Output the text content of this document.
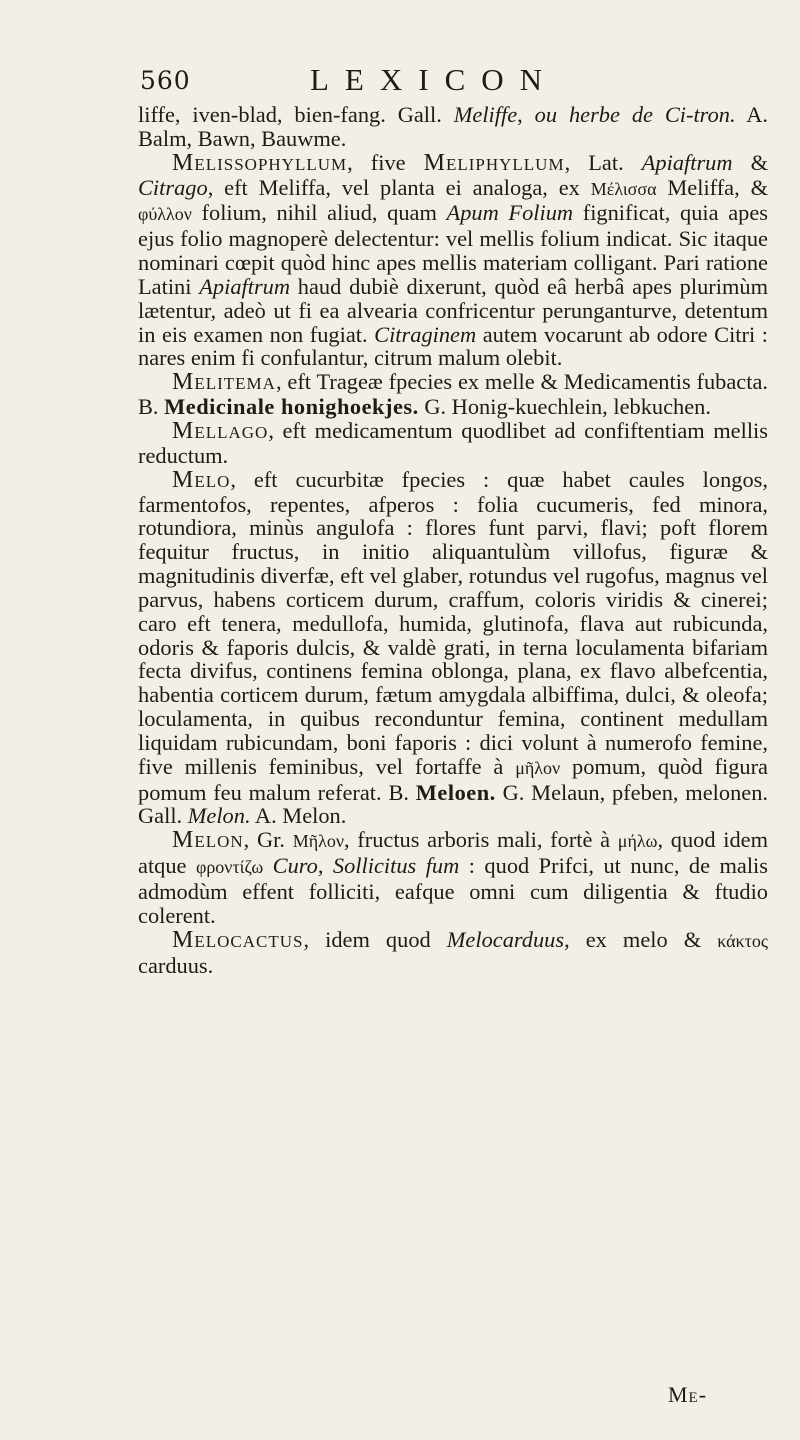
560	LEXICON

liffe, iven-blad, bien-fang. Gall. Meliffe, ou herbe de Ci-tron. A. Balm, Bawn, Bauwme.

Melissophyllum, five Meliphyllum, Lat. Apiaftrum & Citrago, eft Meliffa, vel planta ei analoga, ex Μέλισσα Meliffa, & φύλλον folium, nihil aliud, quam Apum Folium fignificat, quia apes ejus folio magnoperè delectentur: vel mellis folium indicat. Sic itaque nominari cœpit quòd hinc apes mellis materiam colligant. Pari ratione Latini Apiaftrum haud dubiè dixerunt, quòd eâ herbâ apes plurimùm lætentur, adeò ut fi ea alvearia confricentur perunganturve, detentum in eis examen non fugiat. Citraginem autem vocarunt ab odore Citri : nares enim fi confulantur, citrum malum olebit.

Melitema, eft Trageæ fpecies ex melle & Medicamentis fubacta. B. Medicinale honighoekjes. G. Honig-kuechlein, lebkuchen.

Mellago, eft medicamentum quodlibet ad confiftentiam mellis reductum.

Melo, eft cucurbitæ fpecies : quæ habet caules longos, farmentofos, repentes, afperos : folia cucumeris, fed minora, rotundiora, minùs angulofa : flores funt parvi, flavi; poft florem fequitur fructus, in initio aliquantulùm villofus, figuræ & magnitudinis diverfæ, eft vel glaber, rotundus vel rugofus, magnus vel parvus, habens corticem durum, craffum, coloris viridis & cinerei; caro eft tenera, medullofa, humida, glutinofa, flava aut rubicunda, odoris & faporis dulcis, & valdè grati, in terna loculamenta bifariam fecta divifus, continens femina oblonga, plana, ex flavo albefcentia, habentia corticem durum, fætum amygdala albiffima, dulci, & oleofa; loculamenta, in quibus reconduntur femina, continent medullam liquidam rubicundam, boni faporis : dici volunt à numerofo femine, five millenis feminibus, vel fortaffe à μῆλον pomum, quòd figura pomum feu malum referat. B. Meloen. G. Melaun, pfeben, melonen. Gall. Melon. A. Melon.

Melon, Gr. Μῆλον, fructus arboris mali, fortè à μήλω, quod idem atque φροντίζω Curo, Sollicitus fum : quod Prifci, ut nunc, de malis admodùm effent folliciti, eafque omni cum diligentia & ftudio colerent.

Melocactus, idem quod Melocarduus, ex melo & κάκτος carduus.

Me-
